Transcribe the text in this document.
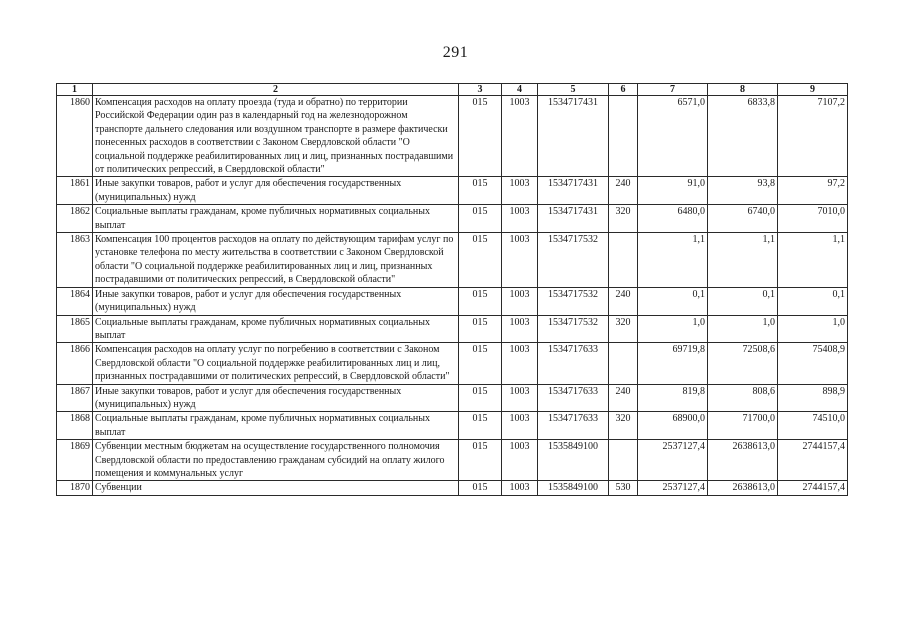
291
1	2	3	4	5	6	7	8	9
1860	Компенсация расходов на оплату проезда (туда и обратно) по территории Российской Федерации один раз в календарный год на железнодорожном транспорте дальнего следования или воздушном транспорте в размере фактически понесенных расходов в соответствии с Законом Свердловской области "О социальной поддержке реабилитированных лиц и лиц, признанных пострадавшими от политических репрессий, в Свердловской области"	015	1003	1534717431		6571,0	6833,8	7107,2
1861	Иные закупки товаров, работ и услуг для обеспечения государственных (муниципальных) нужд	015	1003	1534717431	240	91,0	93,8	97,2
1862	Социальные выплаты гражданам, кроме публичных нормативных социальных выплат	015	1003	1534717431	320	6480,0	6740,0	7010,0
1863	Компенсация 100 процентов расходов на оплату по действующим тарифам услуг по установке телефона по месту жительства в соответствии с Законом Свердловской области "О социальной поддержке реабилитированных лиц и лиц, признанных пострадавшими от политических репрессий, в Свердловской области"	015	1003	1534717532		1,1	1,1	1,1
1864	Иные закупки товаров, работ и услуг для обеспечения государственных (муниципальных) нужд	015	1003	1534717532	240	0,1	0,1	0,1
1865	Социальные выплаты гражданам, кроме публичных нормативных социальных выплат	015	1003	1534717532	320	1,0	1,0	1,0
1866	Компенсация расходов на оплату услуг по погребению в соответствии с Законом Свердловской области "О социальной поддержке реабилитированных лиц и лиц, признанных пострадавшими от политических репрессий, в Свердловской области"	015	1003	1534717633		69719,8	72508,6	75408,9
1867	Иные закупки товаров, работ и услуг для обеспечения государственных (муниципальных) нужд	015	1003	1534717633	240	819,8	808,6	898,9
1868	Социальные выплаты гражданам, кроме публичных нормативных социальных выплат	015	1003	1534717633	320	68900,0	71700,0	74510,0
1869	Субвенции местным бюджетам на осуществление государственного полномочия Свердловской области по предоставлению гражданам субсидий на оплату жилого помещения и коммунальных услуг	015	1003	1535849100		2537127,4	2638613,0	2744157,4
1870	Субвенции	015	1003	1535849100	530	2537127,4	2638613,0	2744157,4
